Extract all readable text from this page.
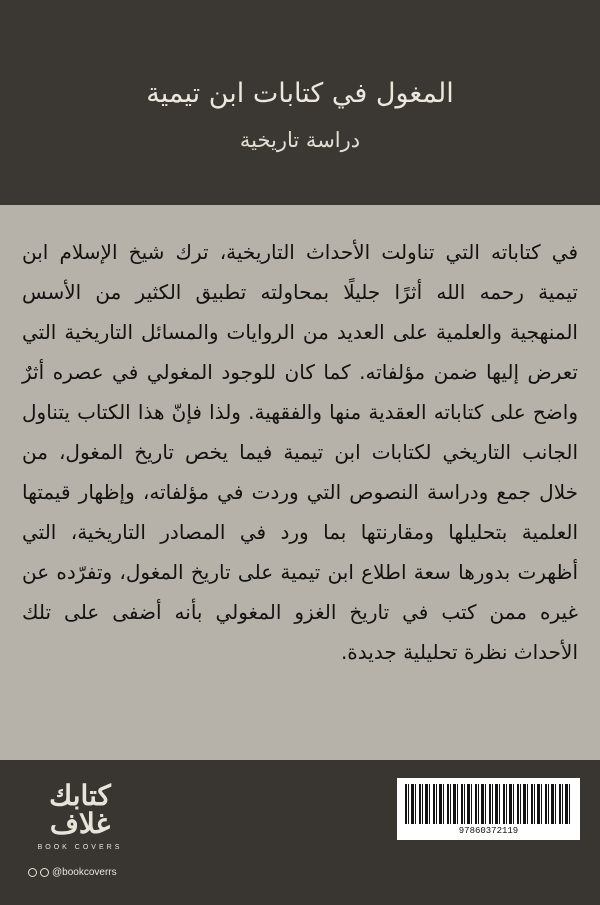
المغول في كتابات ابن تيمية
دراسة تاريخية
في كتاباته التي تناولت الأحداث التاريخية، ترك شيخ الإسلام ابن تيمية رحمه الله أثرًا جليلًا بمحاولته تطبيق الكثير من الأسس المنهجية والعلمية على العديد من الروايات والمسائل التاريخية التي تعرض إليها ضمن مؤلفاته. كما كان للوجود المغولي في عصره أثرٌ واضح على كتاباته العقدية منها والفقهية. ولذا فإنّ هذا الكتاب يتناول الجانب التاريخي لكتابات ابن تيمية فيما يخص تاريخ المغول، من خلال جمع ودراسة النصوص التي وردت في مؤلفاته، وإظهار قيمتها العلمية بتحليلها ومقارنتها بما ورد في المصادر التاريخية، التي أظهرت بدورها سعة اطلاع ابن تيمية على تاريخ المغول، وتفرّده عن غيره ممن كتب في تاريخ الغزو المغولي بأنه أضفى على تلك الأحداث نظرة تحليلية جديدة.
كتابك غلاف
BOOK COVERS
@bookcoverrs
97860372119
